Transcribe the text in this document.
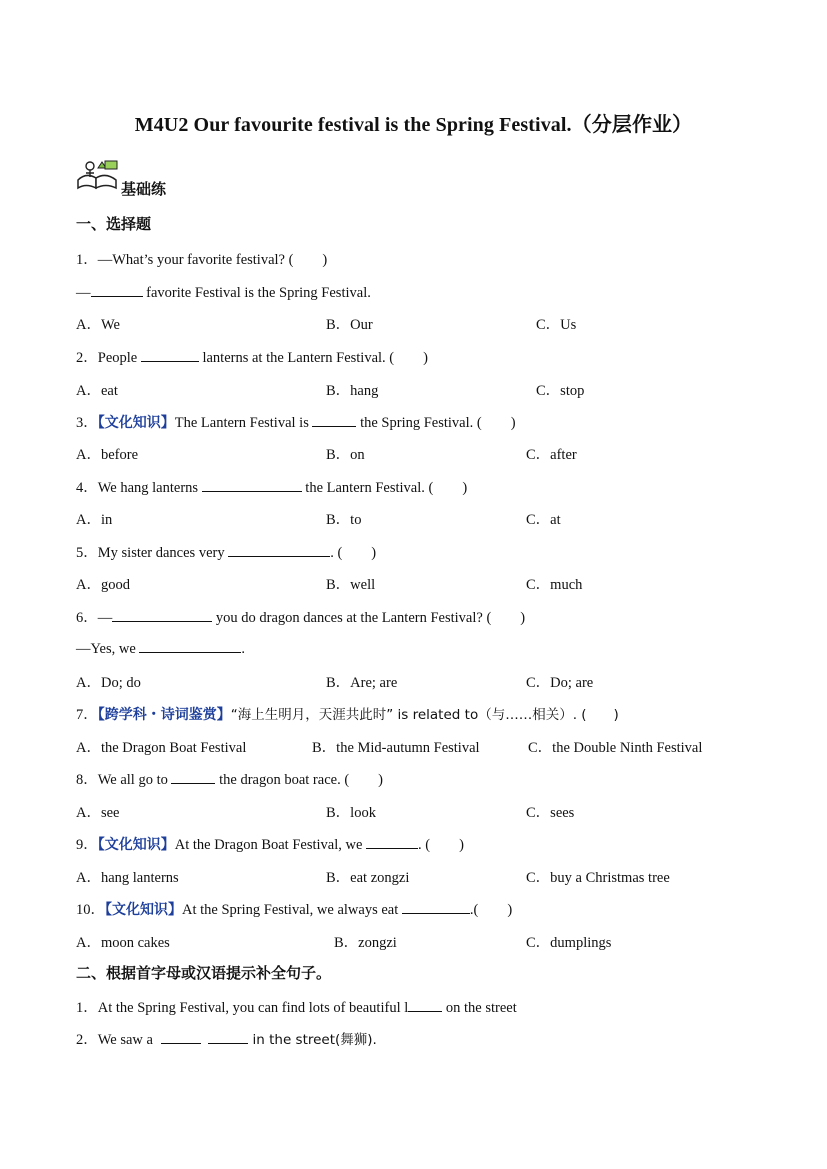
M4U2 Our favourite festival is the Spring Festival.（分层作业）
基础练
一、选择题
1．—What’s your favorite festival? (　　)
—	favorite Festival is the Spring Festival.
A．We	B．Our	C．Us
2．People	lanterns at the Lantern Festival. (　　)
A．eat	B．hang	C．stop
3．【文化知识】The Lantern Festival is	the Spring Festival. (　　)
A．before	B．on	C．after
4．We hang lanterns	the Lantern Festival. (　　)
A．in	B．to	C．at
5．My sister dances very	. (　　)
A．good	B．well	C．much
6．—	you do dragon dances at the Lantern Festival? (　　)
—Yes, we	.
A．Do; do	B．Are; are	C．Do; are
7．【跨学科・诗词鉴赏】“海上生明月，天涯共此时” is related to（与……相关）. (　　)
A．the Dragon Boat Festival	B．the Mid-autumn Festival	C．the Double Ninth Festival
8．We all go to	the dragon boat race. (　　)
A．see	B．look	C．sees
9．【文化知识】At the Dragon Boat Festival, we	. (　　)
A．hang lanterns	B．eat zongzi	C．buy a Christmas tree
10．【文化知识】At the Spring Festival, we always eat	.(　　)
A．moon cakes	B．zongzi	C．dumplings
二、根据首字母或汉语提示补全句子。
1．At the Spring Festival, you can find lots of beautiful l on the street
2．We saw a	in the street(舞狮).
